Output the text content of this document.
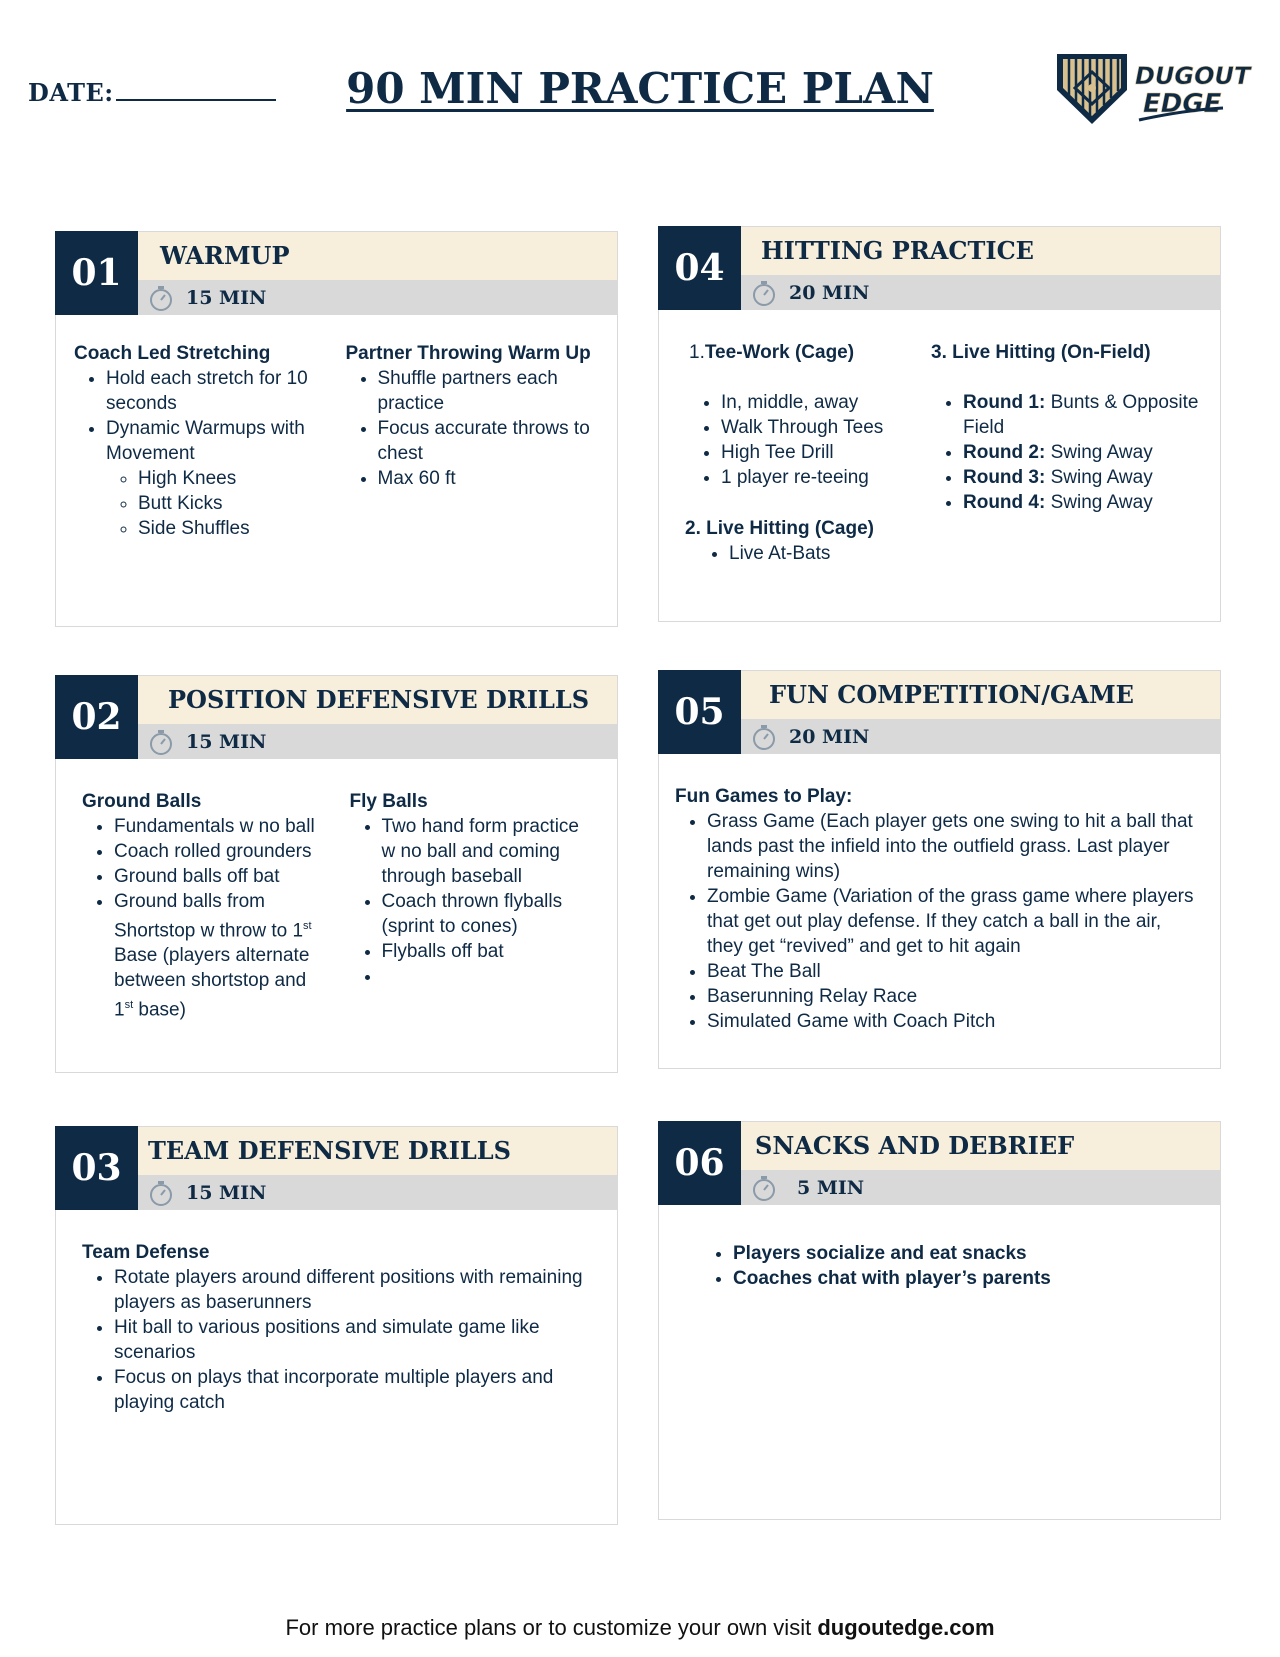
DATE:	90 MIN PRACTICE PLAN	DUGOUT
EDGE
01	WARMUP
15 MIN
Coach Led Stretching
• Hold each stretch for 10 seconds
• Dynamic Warmups with Movement
◦ High Knees
◦ Butt Kicks
◦ Side Shuffles
Partner Throwing Warm Up
• Shuffle partners each practice
• Focus accurate throws to chest
• Max 60 ft
02	POSITION DEFENSIVE DRILLS
15 MIN
Ground Balls
• Fundamentals w no ball
• Coach rolled grounders
• Ground balls off bat
• Ground balls from Shortstop w throw to 1st Base (players alternate between shortstop and 1st base)
Fly Balls
• Two hand form practice w no ball and coming through baseball
• Coach thrown flyballs (sprint to cones)
• Flyballs off bat
•
03	TEAM DEFENSIVE DRILLS
15 MIN
Team Defense
• Rotate players around different positions with remaining players as baserunners
• Hit ball to various positions and simulate game like scenarios
• Focus on plays that incorporate multiple players and playing catch
04	HITTING PRACTICE
20 MIN
1.Tee-Work (Cage)
• In, middle, away
• Walk Through Tees
• High Tee Drill
• 1 player re-teeing
2. Live Hitting (Cage)
• Live At-Bats
3. Live Hitting (On-Field)
• Round 1: Bunts & Opposite Field
• Round 2: Swing Away
• Round 3: Swing Away
• Round 4: Swing Away
05	FUN COMPETITION/GAME
20 MIN
Fun Games to Play:
• Grass Game (Each player gets one swing to hit a ball that lands past the infield into the outfield grass. Last player remaining wins)
• Zombie Game (Variation of the grass game where players that get out play defense. If they catch a ball in the air, they get “revived” and get to hit again
• Beat The Ball
• Baserunning Relay Race
• Simulated Game with Coach Pitch
06	SNACKS AND DEBRIEF
5 MIN
• Players socialize and eat snacks
• Coaches chat with player’s parents
For more practice plans or to customize your own visit dugoutedge.com
